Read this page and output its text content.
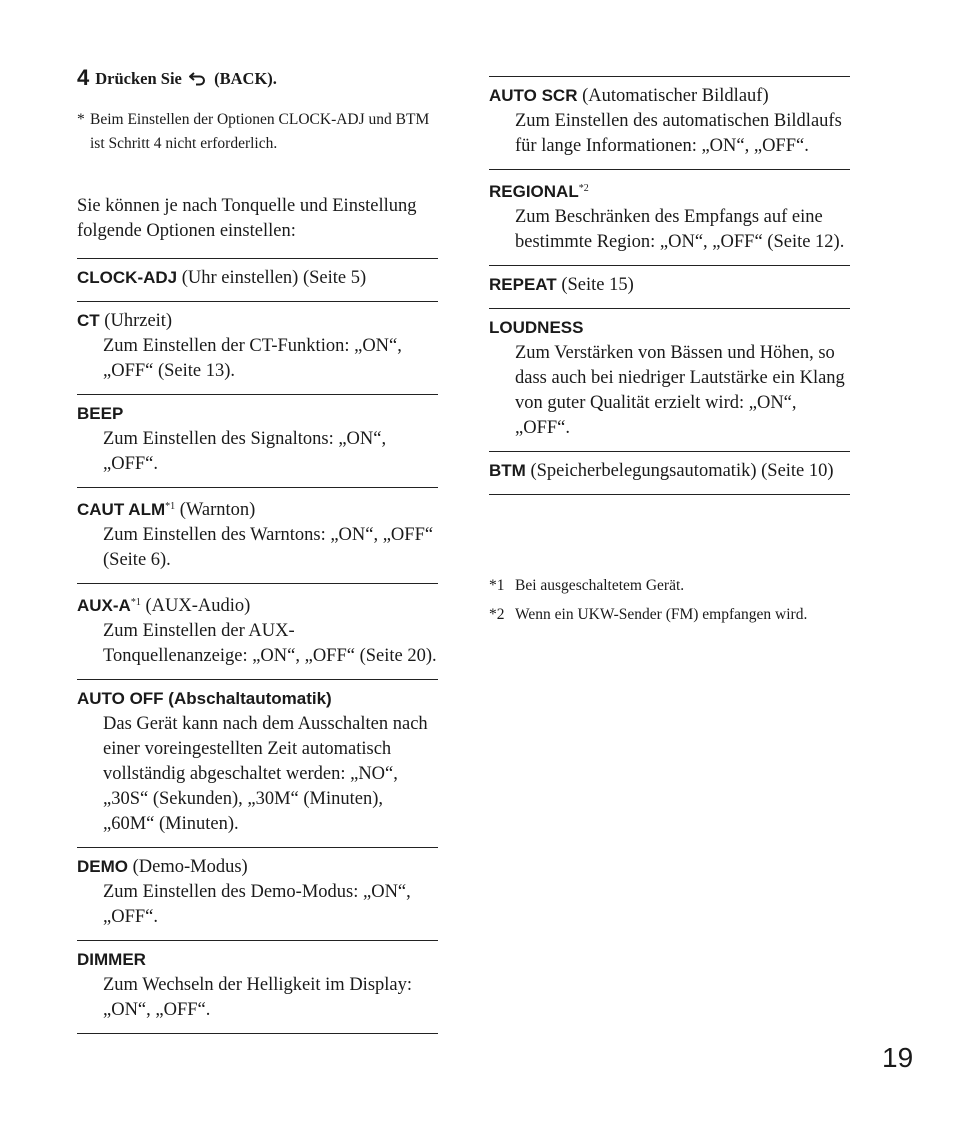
4 Drücken Sie (BACK).
* Beim Einstellen der Optionen CLOCK-ADJ und BTM ist Schritt 4 nicht erforderlich.
Sie können je nach Tonquelle und Einstellung folgende Optionen einstellen:
CLOCK-ADJ (Uhr einstellen) (Seite 5)
CT (Uhrzeit)
Zum Einstellen der CT-Funktion: „ON“, „OFF“ (Seite 13).
BEEP
Zum Einstellen des Signaltons: „ON“, „OFF“.
CAUT ALM$^{*1}$ (Warnton)
Zum Einstellen des Warntons: „ON“, „OFF“ (Seite 6).
AUX-$A^{*1}$ (AUX-Audio)
Zum Einstellen der AUX-Tonquellenanzeige: „ON“, „OFF“ (Seite 20).
AUTO OFF (Abschaltautomatik)
Das Gerät kann nach dem Ausschalten nach einer voreingestellten Zeit automatisch vollständig abgeschaltet werden: „NO“, „30S“ (Sekunden), „30M“ (Minuten), „60M“ (Minuten).
DEMO (Demo-Modus)
Zum Einstellen des Demo-Modus: „ON“, „OFF“.
DIMMER
Zum Wechseln der Helligkeit im Display: „ON“, „OFF“.
AUTO SCR (Automatischer Bildlauf)
Zum Einstellen des automatischen Bildlaufs für lange Informationen: „ON“, „OFF“.
REGIONAL$^{*2}$
Zum Beschränken des Empfangs auf eine bestimmte Region: „ON“, „OFF“ (Seite 12).
REPEAT (Seite 15)
LOUDNESS
Zum Verstärken von Bässen und Höhen, so dass auch bei niedriger Lautstärke ein Klang von guter Qualität erzielt wird: „ON“, „OFF“.
BTM (Speicherbelegungsautomatik) (Seite 10)
*1 Bei ausgeschaltetem Gerät.
*2 Wenn ein UKW-Sender (FM) empfangen wird.
19
